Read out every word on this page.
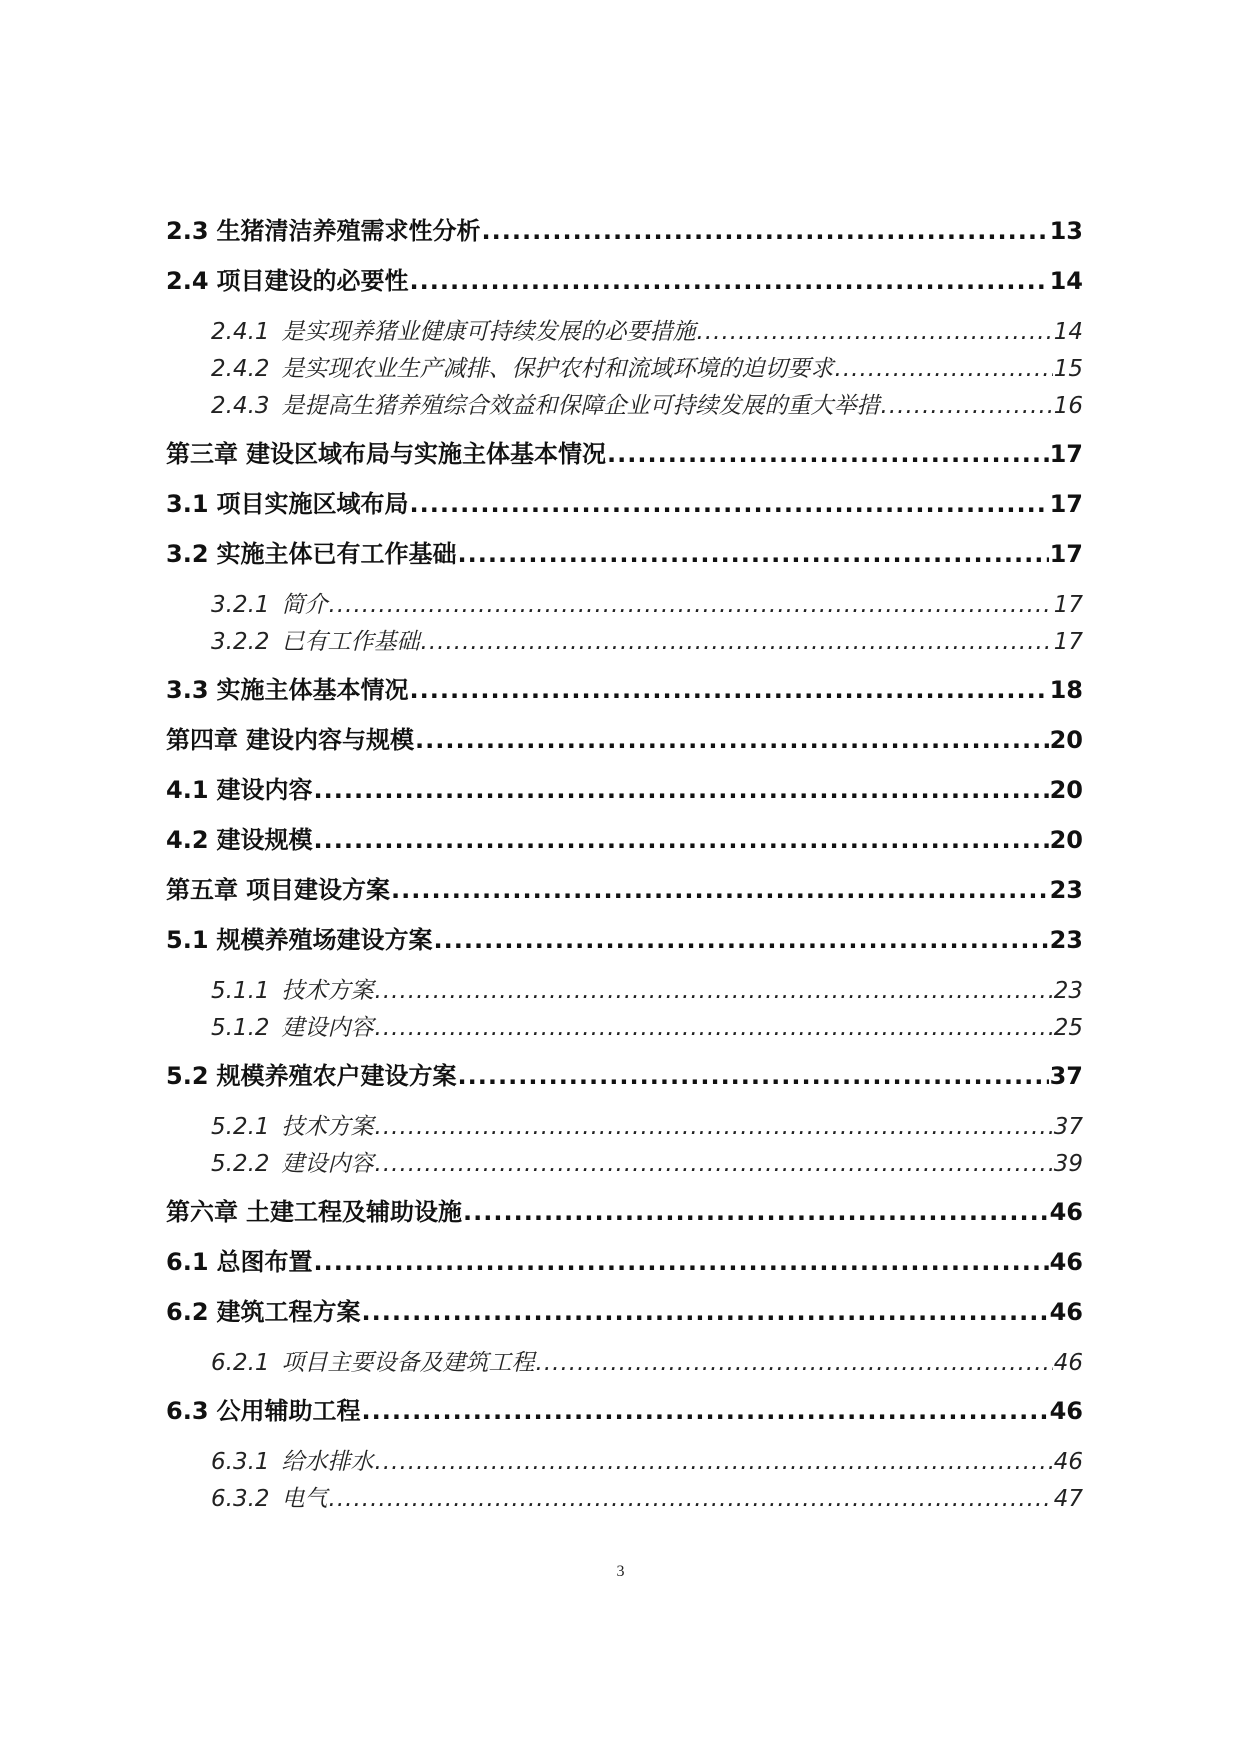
2.3 生猪清洁养殖需求性分析 .....	13
2.4 项目建设的必要性 .....	14
2.4.1 是实现养猪业健康可持续发展的必要措施 .....	14
2.4.2 是实现农业生产减排、保护农村和流域环境的迫切要求 .....	15
2.4.3 是提高生猪养殖综合效益和保障企业可持续发展的重大举措 .....	16
第三章 建设区域布局与实施主体基本情况 .....	17
3.1 项目实施区域布局 .....	17
3.2 实施主体已有工作基础 .....	17
3.2.1 简介 .....	17
3.2.2 已有工作基础 .....	17
3.3 实施主体基本情况 .....	18
第四章 建设内容与规模 .....	20
4.1 建设内容 .....	20
4.2 建设规模 .....	20
第五章 项目建设方案 .....	23
5.1 规模养殖场建设方案 .....	23
5.1.1 技术方案 .....	23
5.1.2 建设内容 .....	25
5.2 规模养殖农户建设方案 .....	37
5.2.1 技术方案 .....	37
5.2.2 建设内容 .....	39
第六章 土建工程及辅助设施 .....	46
6.1 总图布置 .....	46
6.2 建筑工程方案 .....	46
6.2.1 项目主要设备及建筑工程 .....	46
6.3 公用辅助工程 .....	46
6.3.1 给水排水 .....	46
6.3.2 电气 .....	47
3
